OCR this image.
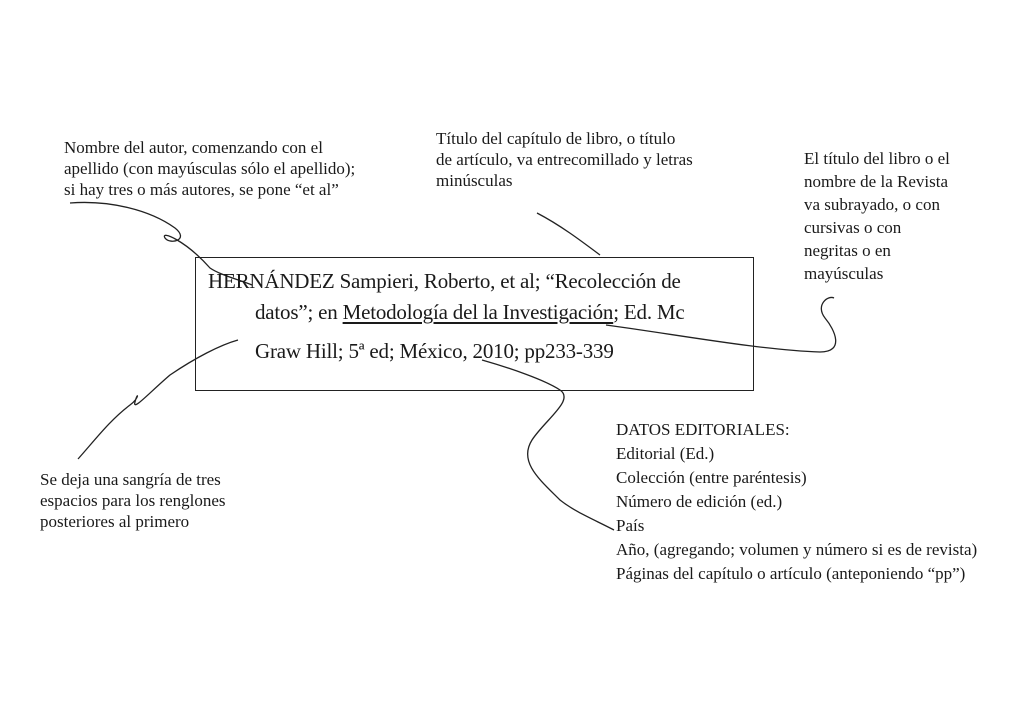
Nombre del autor, comenzando con el
apellido (con mayúsculas sólo el apellido);
si hay tres o más autores, se pone “et al”
Título del capítulo de libro, o título
de artículo, va entrecomillado y letras
minúsculas
El título del libro o el
nombre de la Revista
va subrayado, o con
cursivas o con
negritas o en
mayúsculas
HERNÁNDEZ Sampieri, Roberto, et al; “Recolección de
datos”; en Metodología del la Investigación; Ed. Mc
Graw Hill; 5ª ed; México, 2010; pp233-339
Se deja una sangría de tres
espacios para los renglones
posteriores al primero
DATOS EDITORIALES:
Editorial (Ed.)
Colección (entre paréntesis)
Número de edición (ed.)
País
Año, (agregando; volumen y número si es de revista)
Páginas del capítulo o artículo (anteponiendo “pp”)
